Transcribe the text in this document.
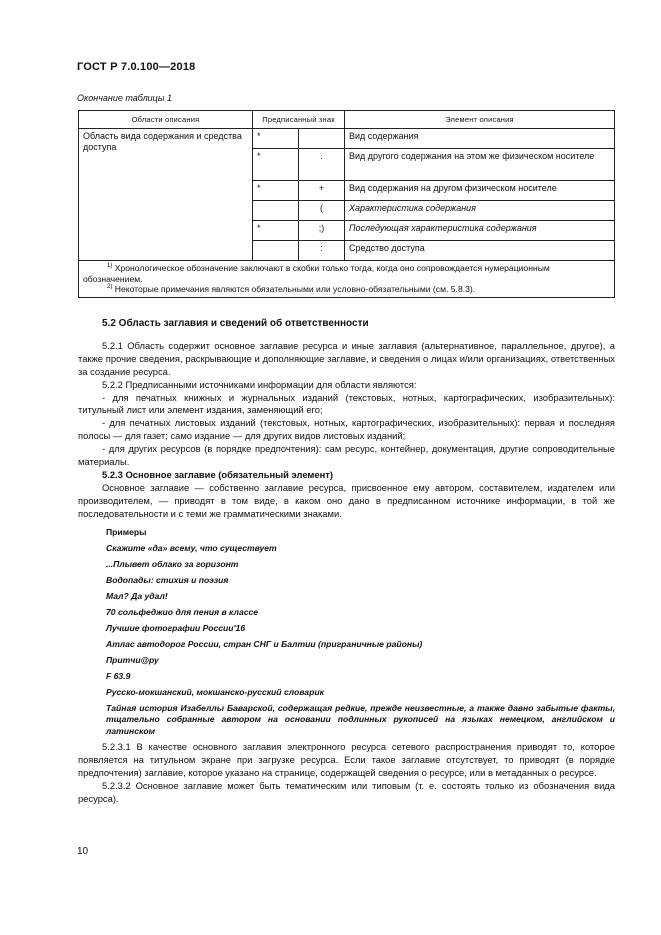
ГОСТ Р 7.0.100—2018
Окончание таблицы 1
Области описания	Предписанный знак		Элемент описания
Область вида содержания и средства доступа	*		Вид содержания
	*	.	Вид другого содержания на этом же физическом носителе
	*	+	Вид содержания на другом физическом носителе
		(	Характеристика содержания
	*	;)	Последующая характеристика содержания
		:	Средство доступа

$^{1)}$ Хронологическое обозначение заключают в скобки только тогда, когда оно сопровождается нумерационным обозначением.
$^{2)}$ Некоторые примечания являются обязательными или условно-обязательными (см. 5.8.3).			
5.2 Область заглавия и сведений об ответственности
5.2.1 Область содержит основное заглавие ресурса и иные заглавия (альтернативное, параллельное, другое), а также прочие сведения, раскрывающие и дополняющие заглавие, и сведения о лицах и/или организациях, ответственных за создание ресурса.
5.2.2 Предписанными источниками информации для области являются:
- для печатных книжных и журнальных изданий (текстовых, нотных, картографических, изобразительных): титульный лист или элемент издания, заменяющий его;
- для печатных листовых изданий (текстовых, нотных, картографических, изобразительных): первая и последняя полосы — для газет; само издание — для других видов листовых изданий;
- для других ресурсов (в порядке предпочтения): сам ресурс, контейнер, документация, другие сопроводительные материалы.
5.2.3 Основное заглавие (обязательный элемент)
Основное заглавие — собственно заглавие ресурса, присвоенное ему автором, составителем, издателем или производителем, — приводят в том виде, в каком оно дано в предписанном источнике информации, в той же последовательности и с теми же грамматическими знаками.
Примеры
Скажите «да» всему, что существует
...Плывет облако за горизонт
Водопады: стихия и поэзия
Мал? Да удал!
70 сольфеджио для пения в классе
Лучшие фотографии России'16
Атлас автодорог России, стран СНГ и Балтии (приграничные районы)
Притчи@ру
F 63.9
Русско-мокшанский, мокшанско-русский словарик
Тайная история Изабеллы Баварской, содержащая редкие, прежде неизвестные, а также давно забытые факты, тщательно собранные автором на основании подлинных рукописей на языках немецком, английском и латинском
5.2.3.1 В качестве основного заглавия электронного ресурса сетевого распространения приводят то, которое появляется на титульном экране при загрузке ресурса. Если такое заглавие отсутствует, то приводят (в порядке предпочтения) заглавие, которое указано на странице, содержащей сведения о ресурсе, или в метаданных о ресурсе.
5.2.3.2 Основное заглавие может быть тематическим или типовым (т. е. состоять только из обозначения вида ресурса).
10
